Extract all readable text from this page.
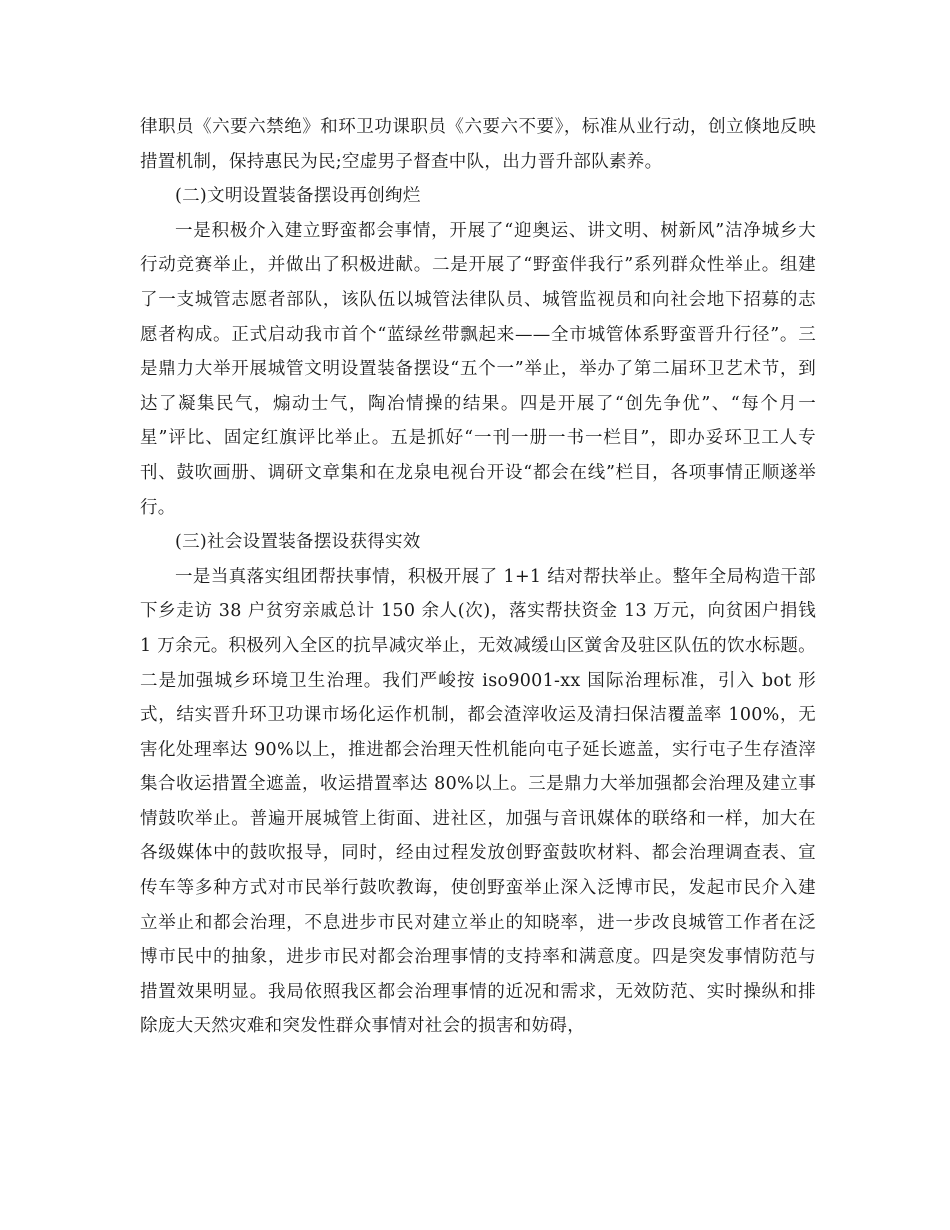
律职员《六要六禁绝》和环卫功课职员《六要六不要》，标准从业行动，创立倏地反映措置机制，保持惠民为民;空虚男子督查中队，出力晋升部队素养。

(二)文明设置装备摆设再创绚烂

一是积极介入建立野蛮都会事情，开展了“迎奥运、讲文明、树新风”洁净城乡大行动竞赛举止，并做出了积极进献。二是开展了“野蛮伴我行”系列群众性举止。组建了一支城管志愿者部队，该队伍以城管法律队员、城管监视员和向社会地下招募的志愿者构成。正式启动我市首个“蓝绿丝带飘起来——全市城管体系野蛮晋升行径”。三是鼎力大举开展城管文明设置装备摆设“五个一”举止，举办了第二届环卫艺术节，到达了凝集民气，煽动士气，陶冶情操的结果。四是开展了“创先争优”、“每个月一星”评比、固定红旗评比举止。五是抓好“一刊一册一书一栏目”，即办妥环卫工人专刊、鼓吹画册、调研文章集和在龙泉电视台开设“都会在线”栏目，各项事情正顺遂举行。

(三)社会设置装备摆设获得实效

一是当真落实组团帮扶事情，积极开展了 1+1 结对帮扶举止。整年全局构造干部下乡走访 38 户贫穷亲戚总计 150 余人(次)，落实帮扶资金 13 万元，向贫困户捐钱 1 万余元。积极列入全区的抗旱减灾举止，无效减缓山区黉舍及驻区队伍的饮水标题。二是加强城乡环境卫生治理。我们严峻按 iso9001-xx 国际治理标准，引入 bot 形式，结实晋升环卫功课市场化运作机制，都会渣滓收运及清扫保洁覆盖率 100%，无害化处理率达 90%以上，推进都会治理天性机能向屯子延长遮盖，实行屯子生存渣滓集合收运措置全遮盖，收运措置率达 80%以上。三是鼎力大举加强都会治理及建立事情鼓吹举止。普遍开展城管上街面、进社区，加强与音讯媒体的联络和一样，加大在各级媒体中的鼓吹报导，同时，经由过程发放创野蛮鼓吹材料、都会治理调查表、宣传车等多种方式对市民举行鼓吹教诲，使创野蛮举止深入泛博市民，发起市民介入建立举止和都会治理，不息进步市民对建立举止的知晓率，进一步改良城管工作者在泛博市民中的抽象，进步市民对都会治理事情的支持率和满意度。四是突发事情防范与措置效果明显。我局依照我区都会治理事情的近况和需求，无效防范、实时操纵和排除庞大天然灾难和突发性群众事情对社会的损害和妨碍，
